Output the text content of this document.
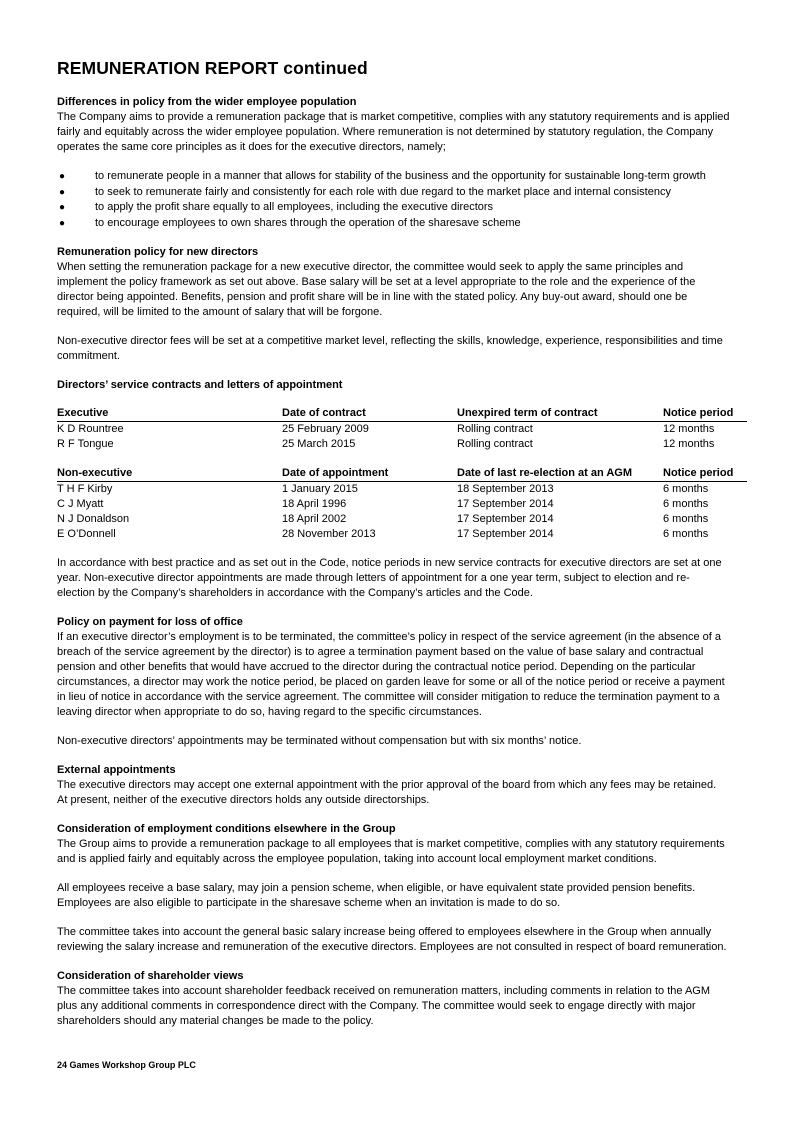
REMUNERATION REPORT continued

Differences in policy from the wider employee population

The Company aims to provide a remuneration package that is market competitive, complies with any statutory requirements and is applied

fairly and equitably across the wider employee population. Where remuneration is not determined by statutory regulation, the Company

operates the same core principles as it does for the executive directors, namely;

●	to remunerate people in a manner that allows for stability of the business and the opportunity for sustainable long-term growth
●	to seek to remunerate fairly and consistently for each role with due regard to the market place and internal consistency
●	to apply the profit share equally to all employees, including the executive directors
●	to encourage employees to own shares through the operation of the sharesave scheme

Remuneration policy for new directors

When setting the remuneration package for a new executive director, the committee would seek to apply the same principles and

implement the policy framework as set out above. Base salary will be set at a level appropriate to the role and the experience of the

director being appointed. Benefits, pension and profit share will be in line with the stated policy. Any buy-out award, should one be

required, will be limited to the amount of salary that will be forgone.

Non-executive director fees will be set at a competitive market level, reflecting the skills, knowledge, experience, responsibilities and time

commitment.

Directors’ service contracts and letters of appointment

Executive	Date of contract	Unexpired term of contract	Notice period
K D Rountree	25 February 2009	Rolling contract	12 months
R F Tongue	25 March 2015	Rolling contract	12 months
Non-executive	Date of appointment	Date of last re-election at an AGM	Notice period
T H F Kirby	1 January 2015	18 September 2013	6 months
C J Myatt	18 April 1996	17 September 2014	6 months
N J Donaldson	18 April 2002	17 September 2014	6 months
E O’Donnell	28 November 2013	17 September 2014	6 months

In accordance with best practice and as set out in the Code, notice periods in new service contracts for executive directors are set at one

year. Non-executive director appointments are made through letters of appointment for a one year term, subject to election and re-

election by the Company’s shareholders in accordance with the Company’s articles and the Code.

Policy on payment for loss of office

If an executive director’s employment is to be terminated, the committee’s policy in respect of the service agreement (in the absence of a

breach of the service agreement by the director) is to agree a termination payment based on the value of base salary and contractual

pension and other benefits that would have accrued to the director during the contractual notice period. Depending on the particular

circumstances, a director may work the notice period, be placed on garden leave for some or all of the notice period or receive a payment

in lieu of notice in accordance with the service agreement. The committee will consider mitigation to reduce the termination payment to a

leaving director when appropriate to do so, having regard to the specific circumstances.

Non-executive directors’ appointments may be terminated without compensation but with six months’ notice.

External appointments

The executive directors may accept one external appointment with the prior approval of the board from which any fees may be retained.

At present, neither of the executive directors holds any outside directorships.

Consideration of employment conditions elsewhere in the Group

The Group aims to provide a remuneration package to all employees that is market competitive, complies with any statutory requirements

and is applied fairly and equitably across the employee population, taking into account local employment market conditions.

All employees receive a base salary, may join a pension scheme, when eligible, or have equivalent state provided pension benefits.

Employees are also eligible to participate in the sharesave scheme when an invitation is made to do so.

The committee takes into account the general basic salary increase being offered to employees elsewhere in the Group when annually

reviewing the salary increase and remuneration of the executive directors. Employees are not consulted in respect of board remuneration.

Consideration of shareholder views

The committee takes into account shareholder feedback received on remuneration matters, including comments in relation to the AGM

plus any additional comments in correspondence direct with the Company. The committee would seek to engage directly with major

shareholders should any material changes be made to the policy.

24 Games Workshop Group PLC
